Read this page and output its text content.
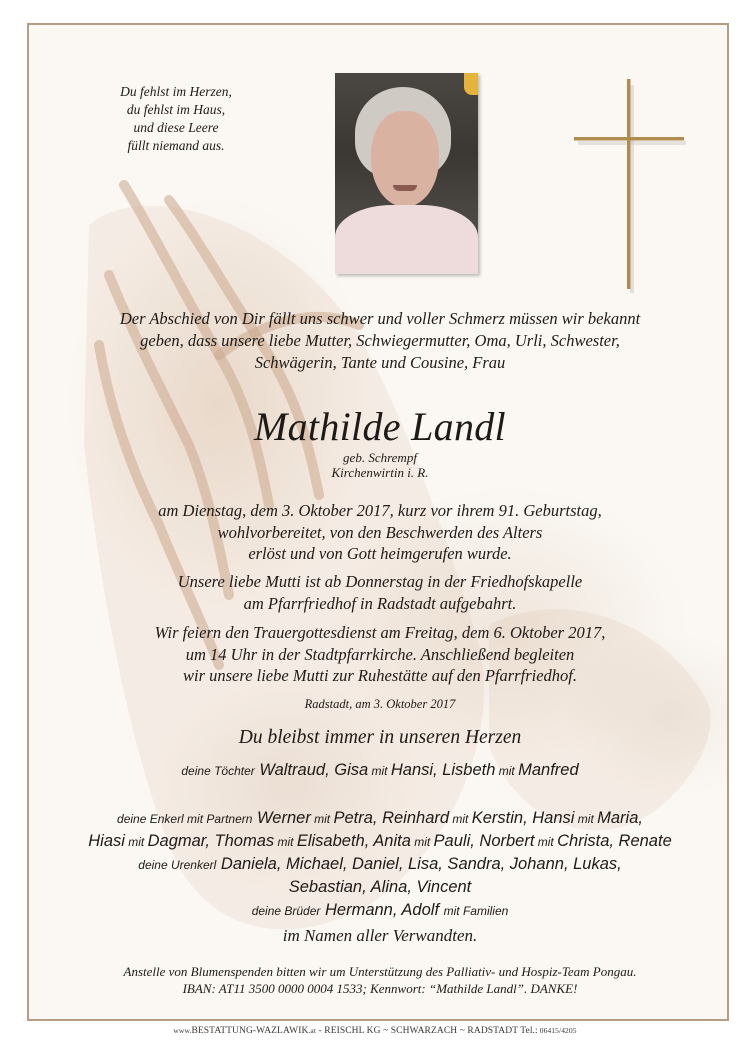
Du fehlst im Herzen,
du fehlst im Haus,
und diese Leere
füllt niemand aus.
Der Abschied von Dir fällt uns schwer und voller Schmerz müssen wir bekannt
geben, dass unsere liebe Mutter, Schwiegermutter, Oma, Urli, Schwester,
Schwägerin, Tante und Cousine, Frau
Mathilde Landl
geb. Schrempf
Kirchenwirtin i. R.
am Dienstag, dem 3. Oktober 2017, kurz vor ihrem 91. Geburtstag,
wohlvorbereitet, von den Beschwerden des Alters
erlöst und von Gott heimgerufen wurde.
Unsere liebe Mutti ist ab Donnerstag in der Friedhofskapelle
am Pfarrfriedhof in Radstadt aufgebahrt.
Wir feiern den Trauergottesdienst am Freitag, dem 6. Oktober 2017,
um 14 Uhr in der Stadtpfarrkirche. Anschließend begleiten
wir unsere liebe Mutti zur Ruhestätte auf den Pfarrfriedhof.
Radstadt, am 3. Oktober 2017
Du bleibst immer in unseren Herzen
deine Töchter Waltraud, Gisa mit Hansi, Lisbeth mit Manfred
deine Enkerl mit Partnern Werner mit Petra, Reinhard mit Kerstin, Hansi mit Maria,
Hiasi mit Dagmar, Thomas mit Elisabeth, Anita mit Pauli, Norbert mit Christa, Renate
deine Urenkerl Daniela, Michael, Daniel, Lisa, Sandra, Johann, Lukas,
Sebastian, Alina, Vincent
deine Brüder Hermann, Adolf mit Familien
im Namen aller Verwandten.
Anstelle von Blumenspenden bitten wir um Unterstützung des Palliativ- und Hospiz-Team Pongau.
IBAN: AT11 3500 0000 0004 1533; Kennwort: “Mathilde Landl”. DANKE!
www.BESTATTUNG-WAZLAWIK.at - REISCHL KG ~ SCHWARZACH ~ RADSTADT Tel.: 06415/4205
